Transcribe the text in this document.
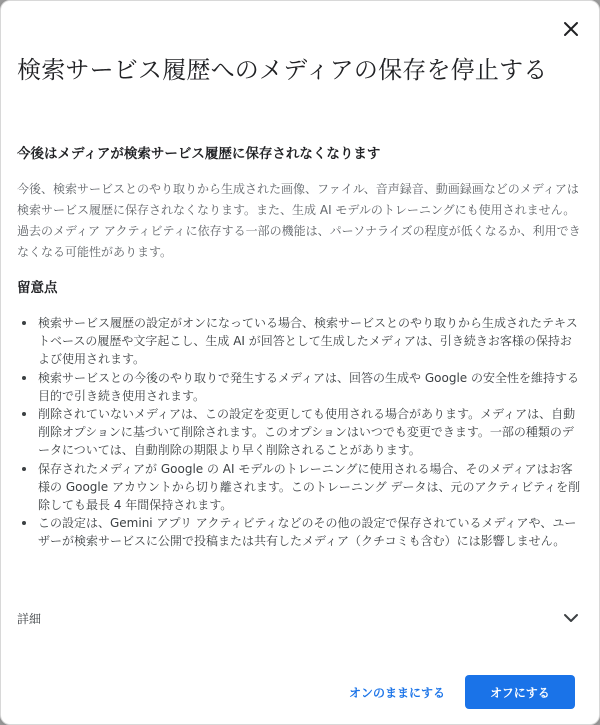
検索サービス履歴へのメディアの保存を停止する
今後はメディアが検索サービス履歴に保存されなくなります

今後、検索サービスとのやり取りから生成された画像、ファイル、音声録音、動画録画などのメディアは検索サービス履歴に保存されなくなります。また、生成 AI モデルのトレーニングにも使用されません。過去のメディア アクティビティに依存する一部の機能は、パーソナライズの程度が低くなるか、利用できなくなる可能性があります。

留意点
検索サービス履歴の設定がオンになっている場合、検索サービスとのやり取りから生成されたテキストベースの履歴や文字起こし、生成 AI が回答として生成したメディアは、引き続きお客様の保持および使用されます。
検索サービスとの今後のやり取りで発生するメディアは、回答の生成や Google の安全性を維持する目的で引き続き使用されます。
削除されていないメディアは、この設定を変更しても使用される場合があります。メディアは、自動削除オプションに基づいて削除されます。このオプションはいつでも変更できます。一部の種類のデータについては、自動削除の期限より早く削除されることがあります。
保存されたメディアが Google の AI モデルのトレーニングに使用される場合、そのメディアはお客様の Google アカウントから切り離されます。このトレーニング データは、元のアクティビティを削除しても最長 4 年間保持されます。
この設定は、Gemini アプリ アクティビティなどのその他の設定で保存されているメディアや、ユーザーが検索サービスに公開で投稿または共有したメディア（クチコミも含む）には影響しません。
詳細
オンのままにする	オフにする
